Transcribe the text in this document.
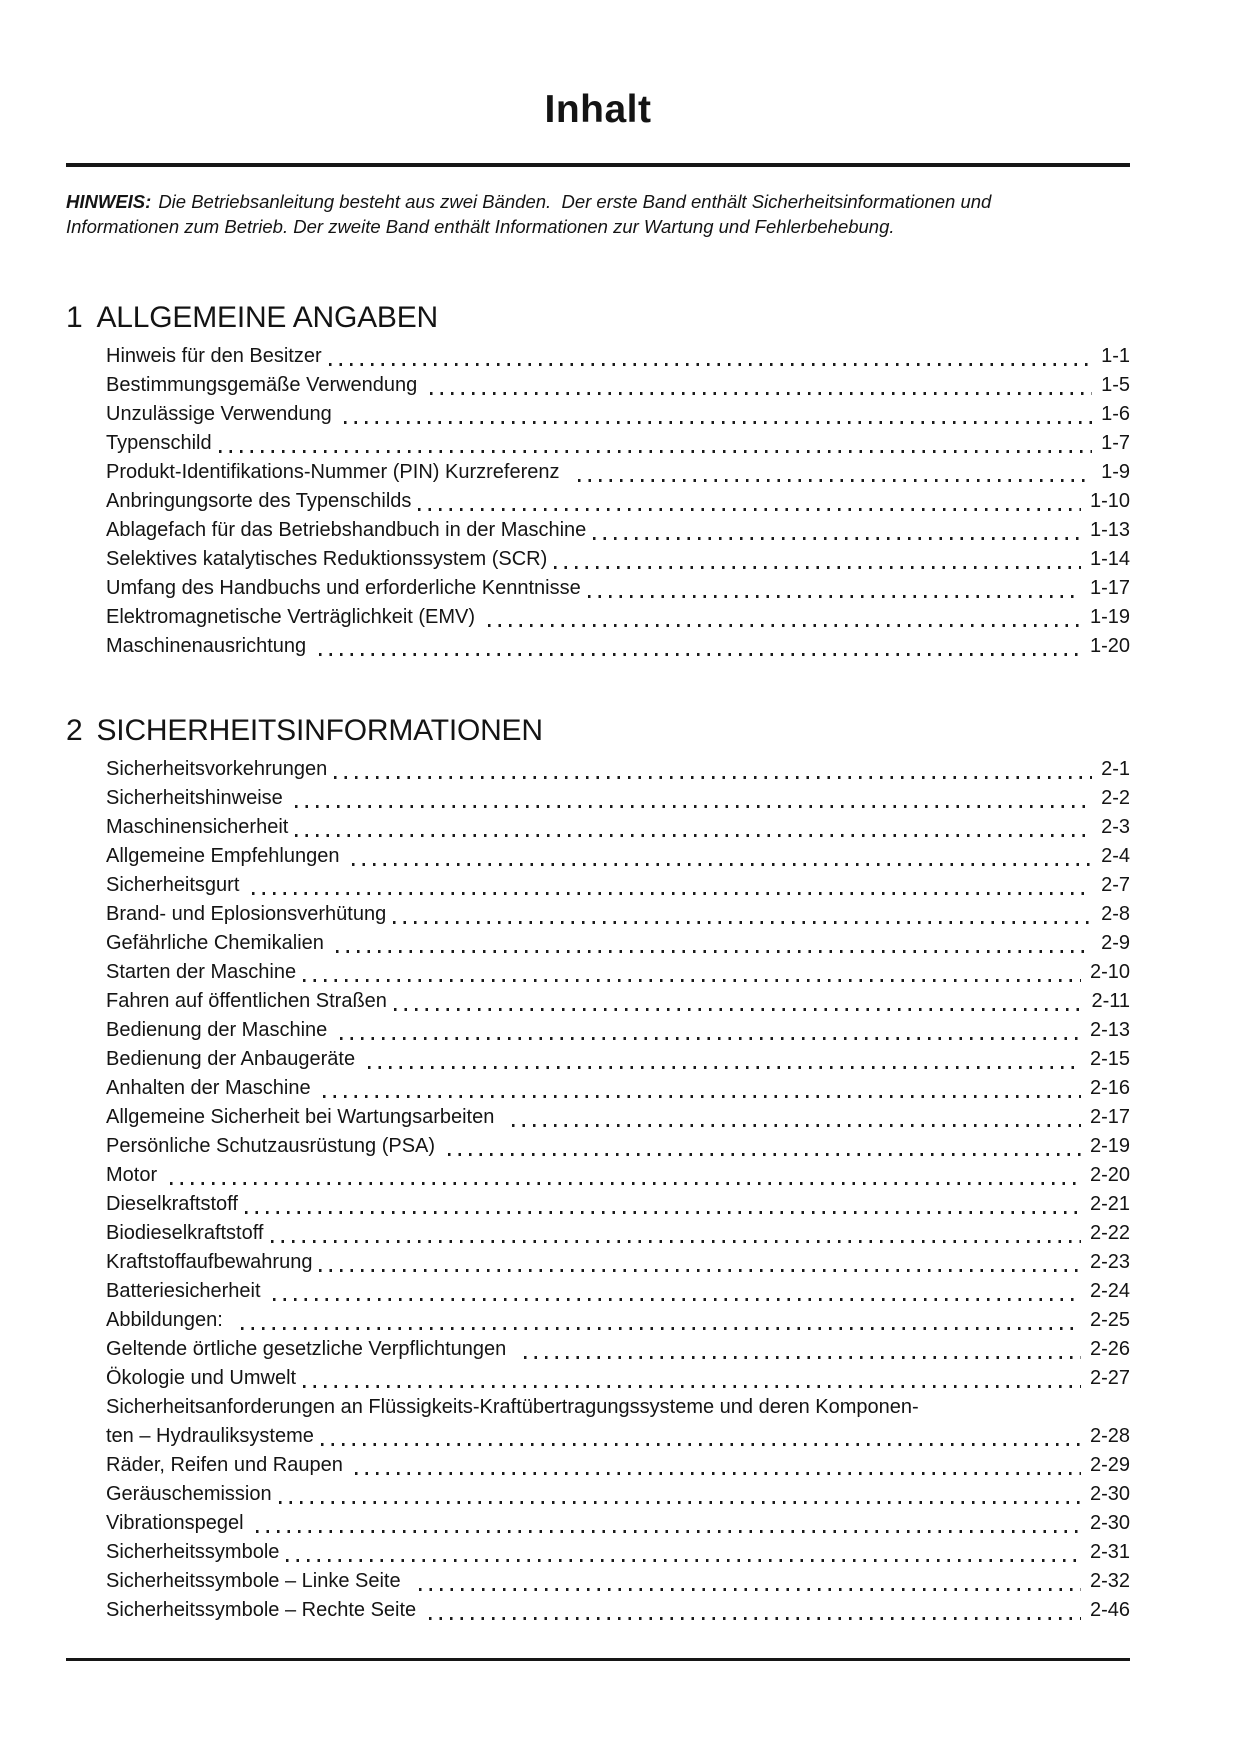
Inhalt

HINWEIS: Die Betriebsanleitung besteht aus zwei Bänden.  Der erste Band enthält Sicherheitsinformationen und
Informationen zum Betrieb. Der zweite Band enthält Informationen zur Wartung und Fehlerbehebung.

1 ALLGEMEINE ANGABEN
Hinweis für den Besitzer	1-1
Bestimmungsgemäße Verwendung	1-5
Unzulässige Verwendung	1-6
Typenschild	1-7
Produkt-Identifikations-Nummer (PIN) Kurzreferenz	1-9
Anbringungsorte des Typenschilds	1-10
Ablagefach für das Betriebshandbuch in der Maschine	1-13
Selektives katalytisches Reduktionssystem (SCR)	1-14
Umfang des Handbuchs und erforderliche Kenntnisse	1-17
Elektromagnetische Verträglichkeit (EMV)	1-19
Maschinenausrichtung	1-20
2 SICHERHEITSINFORMATIONEN
Sicherheitsvorkehrungen	2-1
Sicherheitshinweise	2-2
Maschinensicherheit	2-3
Allgemeine Empfehlungen	2-4
Sicherheitsgurt	2-7
Brand- und Eplosionsverhütung	2-8
Gefährliche Chemikalien	2-9
Starten der Maschine	2-10
Fahren auf öffentlichen Straßen	2-11
Bedienung der Maschine	2-13
Bedienung der Anbaugeräte	2-15
Anhalten der Maschine	2-16
Allgemeine Sicherheit bei Wartungsarbeiten	2-17
Persönliche Schutzausrüstung (PSA)	2-19
Motor	2-20
Dieselkraftstoff	2-21
Biodieselkraftstoff	2-22
Kraftstoffaufbewahrung	2-23
Batteriesicherheit	2-24
Abbildungen:	2-25
Geltende örtliche gesetzliche Verpflichtungen	2-26
Ökologie und Umwelt	2-27
Sicherheitsanforderungen an Flüssigkeits-Kraftübertragungssysteme und deren Komponen-
ten – Hydrauliksysteme	2-28
Räder, Reifen und Raupen	2-29
Geräuschemission	2-30
Vibrationspegel	2-30
Sicherheitssymbole	2-31
Sicherheitssymbole – Linke Seite	2-32
Sicherheitssymbole – Rechte Seite	2-46
